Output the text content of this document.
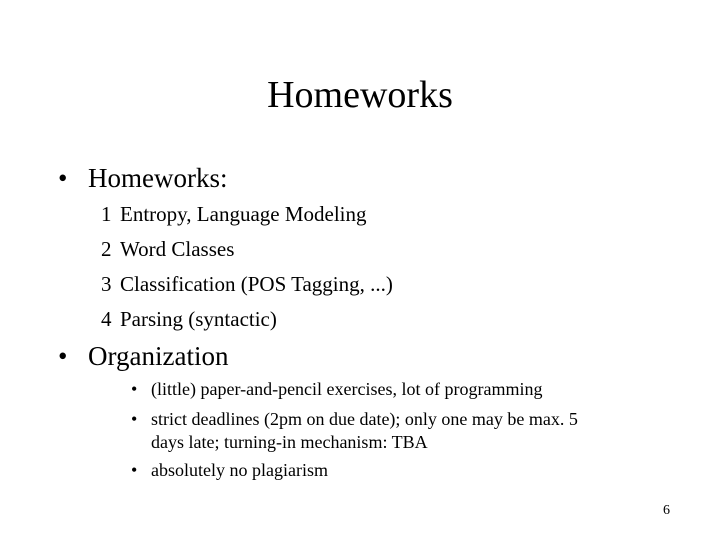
Homeworks
• Homeworks:
1 Entropy, Language Modeling
2 Word Classes
3 Classification (POS Tagging, ...)
4 Parsing (syntactic)
• Organization
• (little) paper-and-pencil exercises, lot of programming
• strict deadlines (2pm on due date); only one may be max. 5
days late; turning-in mechanism: TBA
• absolutely no plagiarism
6
